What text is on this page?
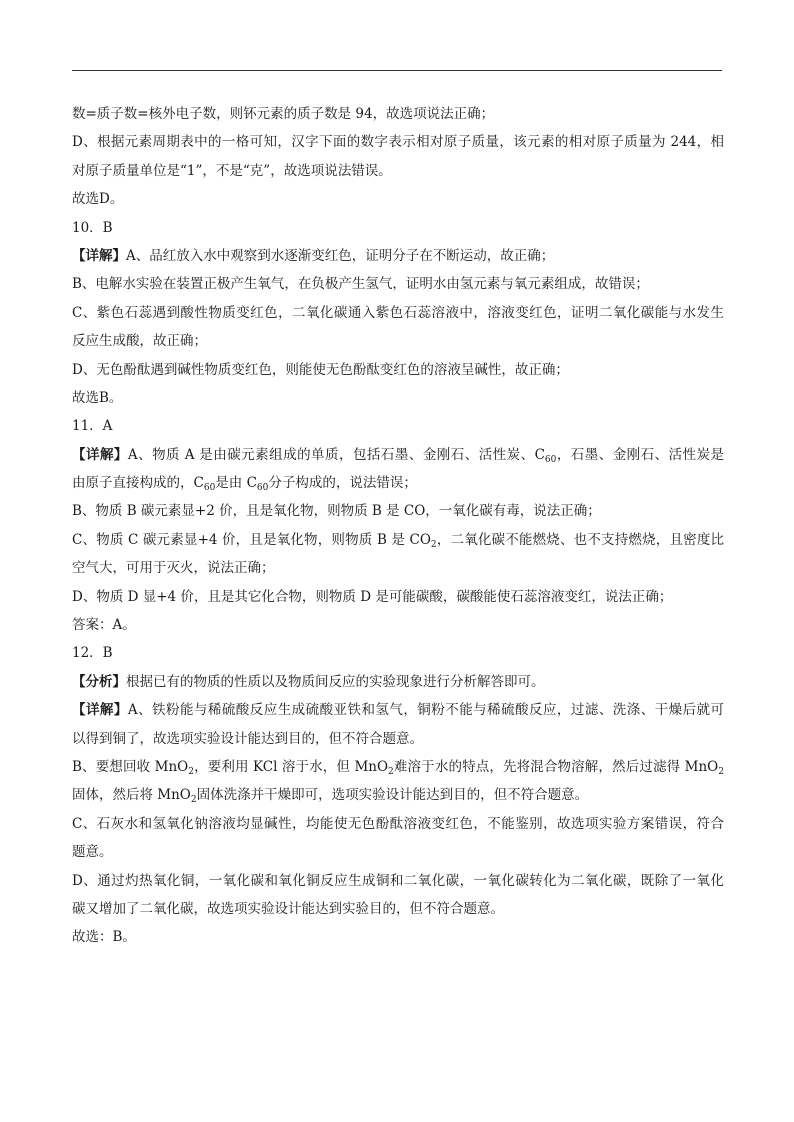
数=质子数=核外电子数，则钚元素的质子数是 94，故选项说法正确；
D、根据元素周期表中的一格可知，汉字下面的数字表示相对原子质量，该元素的相对原子质量为 244，相
对原子质量单位是“1”，不是“克”，故选项说法错误。
故选D。
10．B
【详解】A、品红放入水中观察到水逐渐变红色，证明分子在不断运动，故正确；
B、电解水实验在装置正极产生氧气，在负极产生氢气，证明水由氢元素与氧元素组成，故错误；
C、紫色石蕊遇到酸性物质变红色，二氧化碳通入紫色石蕊溶液中，溶液变红色，证明二氧化碳能与水发生
反应生成酸，故正确；
D、无色酚酞遇到碱性物质变红色，则能使无色酚酞变红色的溶液呈碱性，故正确；
故选B。
11．A
【详解】A、物质 A 是由碳元素组成的单质，包括石墨、金刚石、活性炭、$C_{60}$，石墨、金刚石、活性炭是
由原子直接构成的，$C_{60}$是由 $C_{60}$分子构成的，说法错误；
B、物质 B 碳元素显+2 价，且是氧化物，则物质 B 是 CO，一氧化碳有毒，说法正确；
C、物质 C 碳元素显+4 价，且是氧化物，则物质 B 是 $CO_2$，二氧化碳不能燃烧、也不支持燃烧，且密度比
空气大，可用于灭火，说法正确；
D、物质 D 显+4 价，且是其它化合物，则物质 D 是可能碳酸，碳酸能使石蕊溶液变红，说法正确；
答案：A。
12．B
【分析】根据已有的物质的性质以及物质间反应的实验现象进行分析解答即可。
【详解】A、铁粉能与稀硫酸反应生成硫酸亚铁和氢气，铜粉不能与稀硫酸反应，过滤、洗涤、干燥后就可
以得到铜了，故选项实验设计能达到目的，但不符合题意。
B、要想回收 MnO$_2$，要利用 KCl 溶于水，但 MnO$_2$难溶于水的特点，先将混合物溶解，然后过滤得 MnO$_2$
固体，然后将 MnO$_2$固体洗涤并干燥即可，选项实验设计能达到目的，但不符合题意。
C、石灰水和氢氧化钠溶液均显碱性，均能使无色酚酞溶液变红色，不能鉴别，故选项实验方案错误，符合
题意。
D、通过灼热氧化铜，一氧化碳和氧化铜反应生成铜和二氧化碳，一氧化碳转化为二氧化碳，既除了一氧化
碳又增加了二氧化碳，故选项实验设计能达到实验目的，但不符合题意。
故选：B。
